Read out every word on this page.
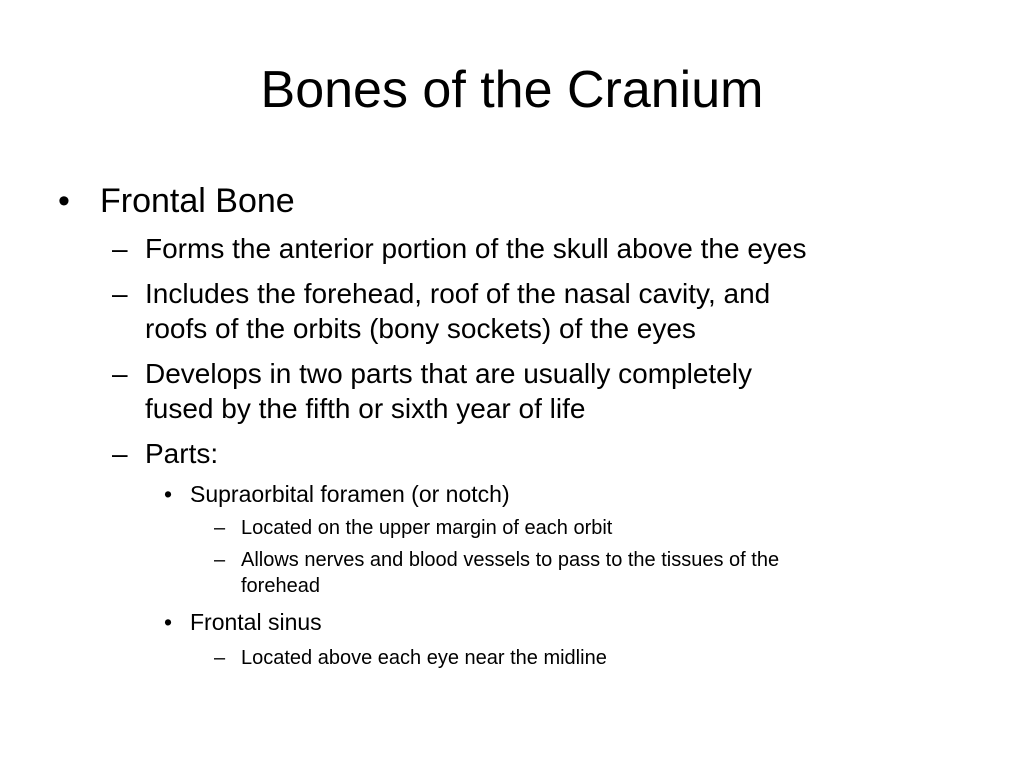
Bones of the Cranium
• Frontal Bone
– Forms the anterior portion of the skull above the eyes
– Includes the forehead, roof of the nasal cavity, and
roofs of the orbits (bony sockets) of the eyes
– Develops in two parts that are usually completely
fused by the fifth or sixth year of life
– Parts:
• Supraorbital foramen (or notch)
– Located on the upper margin of each orbit
– Allows nerves and blood vessels to pass to the tissues of the
forehead
• Frontal sinus
– Located above each eye near the midline
